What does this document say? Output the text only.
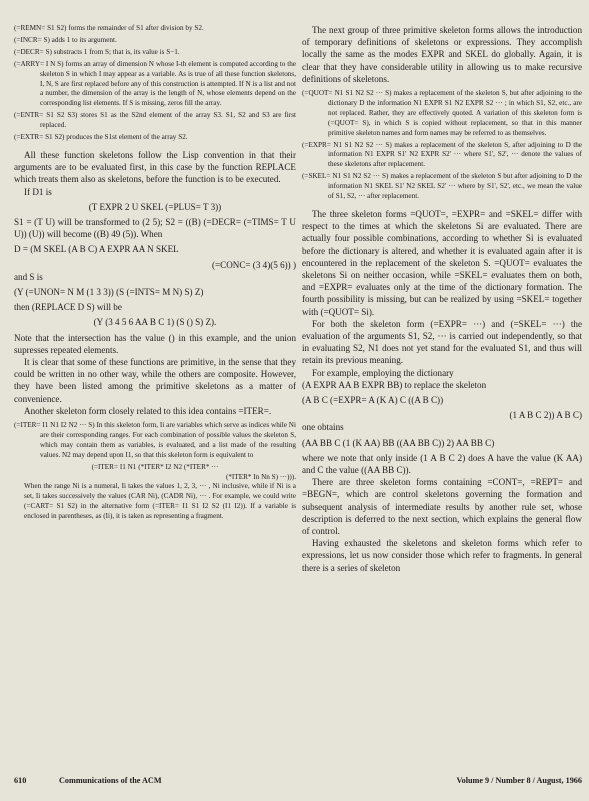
(=REMN= S1 S2) forms the remainder of S1 after division by S2.

(=INCR= S) adds 1 to its argument.

(=DECR= S) substracts 1 from S; that is, its value is S−1.

(=ARRY= I N S) forms an array of dimension N whose I-th element is computed according to the skeleton S in which I may appear as a variable. As is true of all these function skeletons, I, N, S are first replaced before any of this construction is attempted. If N is a list and not a number, the dimension of the array is the length of N, whose elements depend on the corresponding list elements. If S is missing, zeros fill the array.

(=ENTR= S1 S2 S3) stores S1 as the S2nd element of the array S3. S1, S2 and S3 are first replaced.

(=EXTR= S1 S2) produces the S1st element of the array S2.

All these function skeletons follow the Lisp convention in that their arguments are to be evaluated first, in this case by the function REPLACE which treats them also as skeletons, before the function is to be executed.

If D1 is

(T EXPR 2 U SKEL (=PLUS= T 3))

S1 = (T U) will be transformed to (2 5); S2 = ((B) (=DECR= (=TIMS= T U U)) (U)) will become ((B) 49 (5)). When

D = (M SKEL (A B C) A EXPR AA N SKEL

(=CONC= (3 4)(5 6)) )

and S is

(Y (=UNON= N M (1 3 3)) (S (=INTS= M N) S) Z)

then (REPLACE D S) will be

(Y (3 4 5 6 AA B C 1) (S () S) Z).

Note that the intersection has the value () in this example, and the union supresses repeated elements.

It is clear that some of these functions are primitive, in the sense that they could be written in no other way, while the others are composite. However, they have been listed among the primitive skeletons as a matter of convenience.

Another skeleton form closely related to this idea contains =ITER=.

(=ITER= I1 N1 I2 N2 ··· S) In this skeleton form, Ii are variables which serve as indices while Ni are their corresponding ranges. For each combination of possible values the skeleton S, which may contain them as variables, is evaluated, and a list made of the resulting values. N2 may depend upon I1, so that this skeleton form is equivalent to

(=ITER= I1 N1 (*ITER* I2 N2 (*ITER* ···

(*ITER* In Nn S) ···))).

When the range Ni is a numeral, Ii takes the values 1, 2, 3, ··· , Ni inclusive, while if Ni is a set, Ii takes successively the values (CAR Ni), (CADR Ni), ··· . For example, we could write (=CART= S1 S2) in the alternative form (=ITER= I1 S1 I2 S2 (I1 I2)). If a variable is enclosed in parentheses, as (Ii), it is taken as representing a fragment.

The next group of three primitive skeleton forms allows the introduction of temporary definitions of skeletons or expressions. They accomplish locally the same as the modes EXPR and SKEL do globally. Again, it is clear that they have considerable utility in allowing us to make recursive definitions of skeletons.

(=QUOT= N1 S1 N2 S2 ··· S) makes a replacement of the skeleton S, but after adjoining to the dictionary D the information N1 EXPR S1 N2 EXPR S2 ··· ; in which S1, S2, etc., are not replaced. Rather, they are effectively quoted. A variation of this skeleton form is (=QUOT= S), in which S is copied without replacement, so that in this manner primitive skeleton names and form names may be referred to as themselves.

(=EXPR= N1 S1 N2 S2 ··· S) makes a replacement of the skeleton S, after adjoining to D the information N1 EXPR S1' N2 EXPR S2' ··· where S1', S2', ··· denote the values of these skeletons after replacement.

(=SKEL= N1 S1 N2 S2 ··· S) makes a replacement of the skeleton S but after adjoining to D the information N1 SKEL S1' N2 SKEL S2' ··· where by S1', S2', etc., we mean the value of S1, S2, ··· after replacement.

The three skeleton forms =QUOT=, =EXPR= and =SKEL= differ with respect to the times at which the skeletons Si are evaluated. There are actually four possible combinations, according to whether Si is evaluated before the dictionary is altered, and whether it is evaluated again after it is encountered in the replacement of the skeleton S. =QUOT= evaluates the skeletons Si on neither occasion, while =SKEL= evaluates them on both, and =EXPR= evaluates only at the time of the dictionary formation. The fourth possibility is missing, but can be realized by using =SKEL= together with (=QUOT= Si).

For both the skeleton form (=EXPR= ···) and (=SKEL= ···) the evaluation of the arguments S1, S2, ··· is carried out independently, so that in evaluating S2, N1 does not yet stand for the evaluated S1, and thus will retain its previous meaning.

For example, employing the dictionary

(A EXPR AA B EXPR BB) to replace the skeleton

(A B C (=EXPR= A (K A) C ((A B C))

(1 A B C 2)) A B C)

one obtains

(AA BB C (1 (K AA) BB ((AA BB C)) 2) AA BB C)

where we note that only inside (1 A B C 2) does A have the value (K AA) and C the value ((AA BB C)).

There are three skeleton forms containing =CONT=, =REPT= and =BEGN=, which are control skeletons governing the formation and subsequent analysis of intermediate results by another rule set, whose description is deferred to the next section, which explains the general flow of control.

Having exhausted the skeletons and skeleton forms which refer to expressions, let us now consider those which refer to fragments. In general there is a series of skeleton

610	Communications of the ACM	Volume 9 / Number 8 / August, 1966
